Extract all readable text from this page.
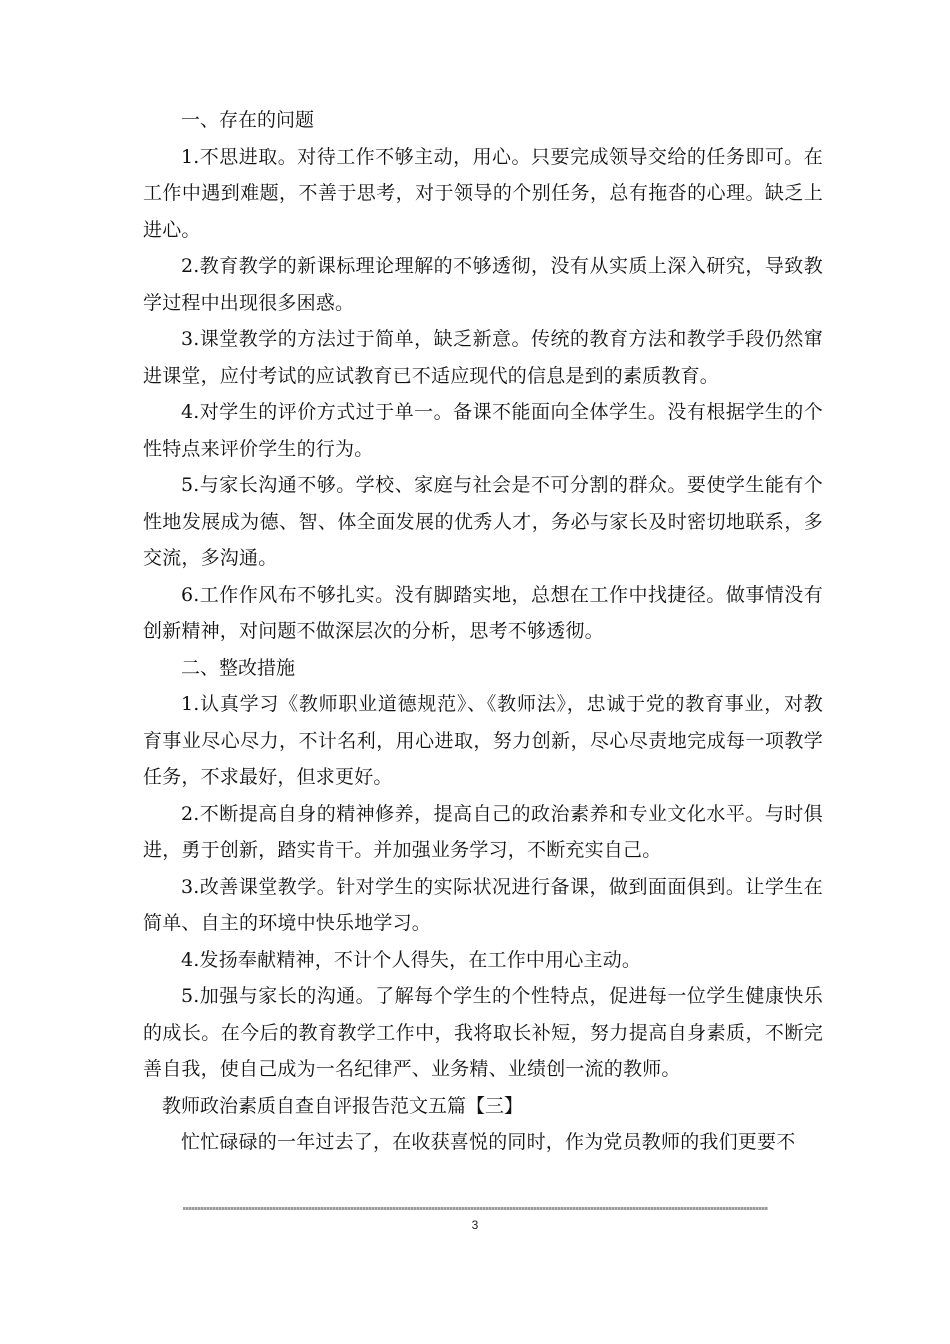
一、存在的问题

1.不思进取。对待工作不够主动，用心。只要完成领导交给的任务即可。在工作中遇到难题，不善于思考，对于领导的个别任务，总有拖沓的心理。缺乏上进心。

2.教育教学的新课标理论理解的不够透彻，没有从实质上深入研究，导致教学过程中出现很多困惑。

3.课堂教学的方法过于简单，缺乏新意。传统的教育方法和教学手段仍然窜进课堂，应付考试的应试教育已不适应现代的信息是到的素质教育。

4.对学生的评价方式过于单一。备课不能面向全体学生。没有根据学生的个性特点来评价学生的行为。

5.与家长沟通不够。学校、家庭与社会是不可分割的群众。要使学生能有个性地发展成为德、智、体全面发展的优秀人才，务必与家长及时密切地联系，多交流，多沟通。

6.工作作风布不够扎实。没有脚踏实地，总想在工作中找捷径。做事情没有创新精神，对问题不做深层次的分析，思考不够透彻。

二、整改措施

1.认真学习《教师职业道德规范》、《教师法》，忠诚于党的教育事业，对教育事业尽心尽力，不计名利，用心进取，努力创新，尽心尽责地完成每一项教学任务，不求最好，但求更好。

2.不断提高自身的精神修养，提高自己的政治素养和专业文化水平。与时俱进，勇于创新，踏实肯干。并加强业务学习，不断充实自己。

3.改善课堂教学。针对学生的实际状况进行备课，做到面面俱到。让学生在简单、自主的环境中快乐地学习。

4.发扬奉献精神，不计个人得失，在工作中用心主动。

5.加强与家长的沟通。了解每个学生的个性特点，促进每一位学生健康快乐的成长。在今后的教育教学工作中，我将取长补短，努力提高自身素质，不断完善自我，使自己成为一名纪律严、业务精、业绩创一流的教师。

教师政治素质自查自评报告范文五篇【三】

忙忙碌碌的一年过去了，在收获喜悦的同时，作为党员教师的我们更要不

3
